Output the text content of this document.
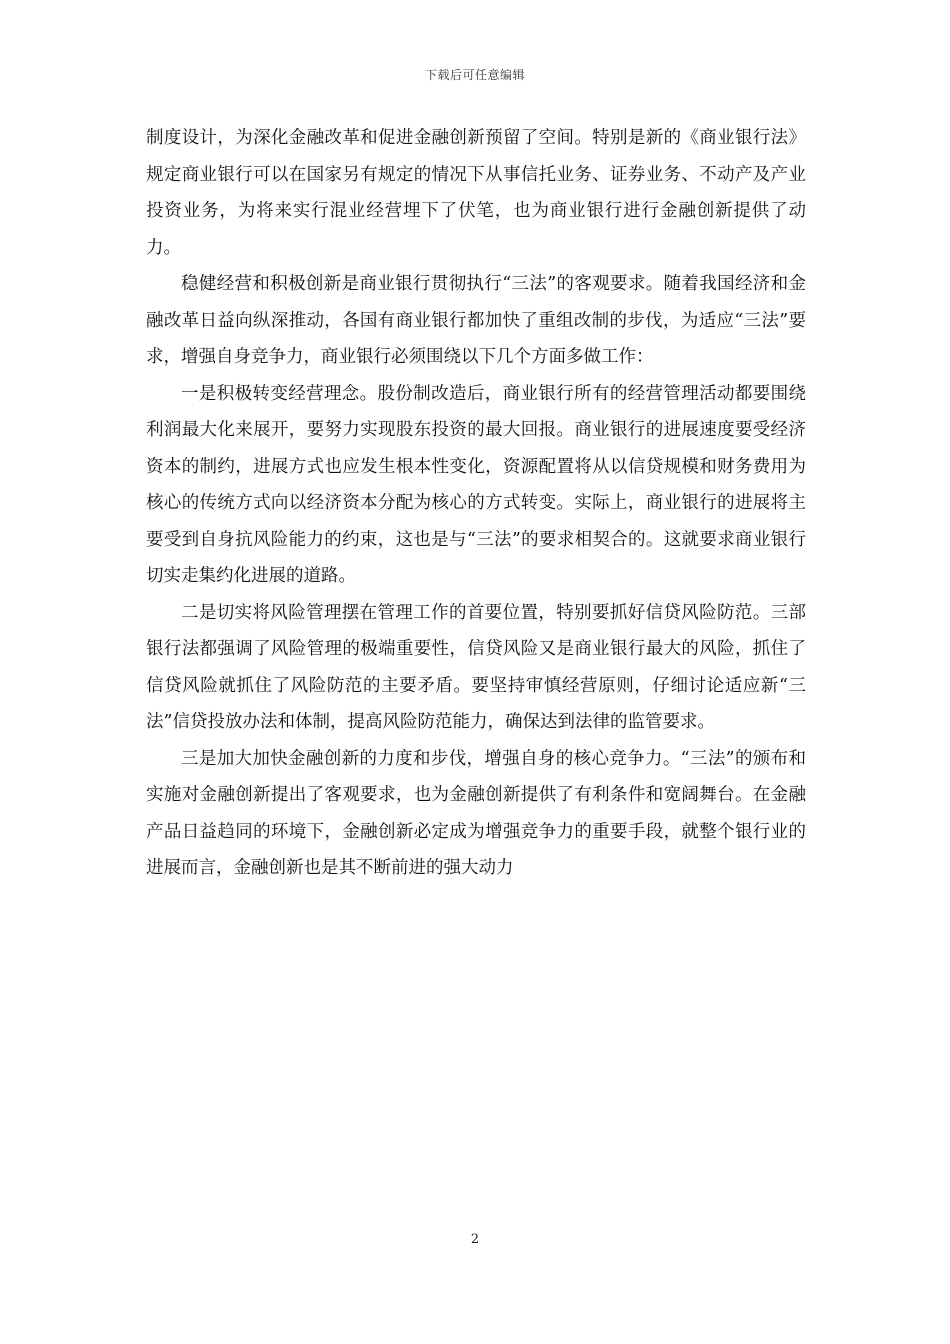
下载后可任意编辑

制度设计，为深化金融改革和促进金融创新预留了空间。特别是新的《商业银行法》规定商业银行可以在国家另有规定的情况下从事信托业务、证券业务、不动产及产业投资业务，为将来实行混业经营埋下了伏笔，也为商业银行进行金融创新提供了动力。

稳健经营和积极创新是商业银行贯彻执行“三法”的客观要求。随着我国经济和金融改革日益向纵深推动，各国有商业银行都加快了重组改制的步伐，为适应“三法”要求，增强自身竞争力，商业银行必须围绕以下几个方面多做工作：

一是积极转变经营理念。股份制改造后，商业银行所有的经营管理活动都要围绕利润最大化来展开，要努力实现股东投资的最大回报。商业银行的进展速度要受经济资本的制约，进展方式也应发生根本性变化，资源配置将从以信贷规模和财务费用为核心的传统方式向以经济资本分配为核心的方式转变。实际上，商业银行的进展将主要受到自身抗风险能力的约束，这也是与“三法”的要求相契合的。这就要求商业银行切实走集约化进展的道路。

二是切实将风险管理摆在管理工作的首要位置，特别要抓好信贷风险防范。三部银行法都强调了风险管理的极端重要性，信贷风险又是商业银行最大的风险，抓住了信贷风险就抓住了风险防范的主要矛盾。要坚持审慎经营原则，仔细讨论适应新“三法”信贷投放办法和体制，提高风险防范能力，确保达到法律的监管要求。

三是加大加快金融创新的力度和步伐，增强自身的核心竞争力。“三法”的颁布和实施对金融创新提出了客观要求，也为金融创新提供了有利条件和宽阔舞台。在金融产品日益趋同的环境下，金融创新必定成为增强竞争力的重要手段，就整个银行业的进展而言，金融创新也是其不断前进的强大动力

2
